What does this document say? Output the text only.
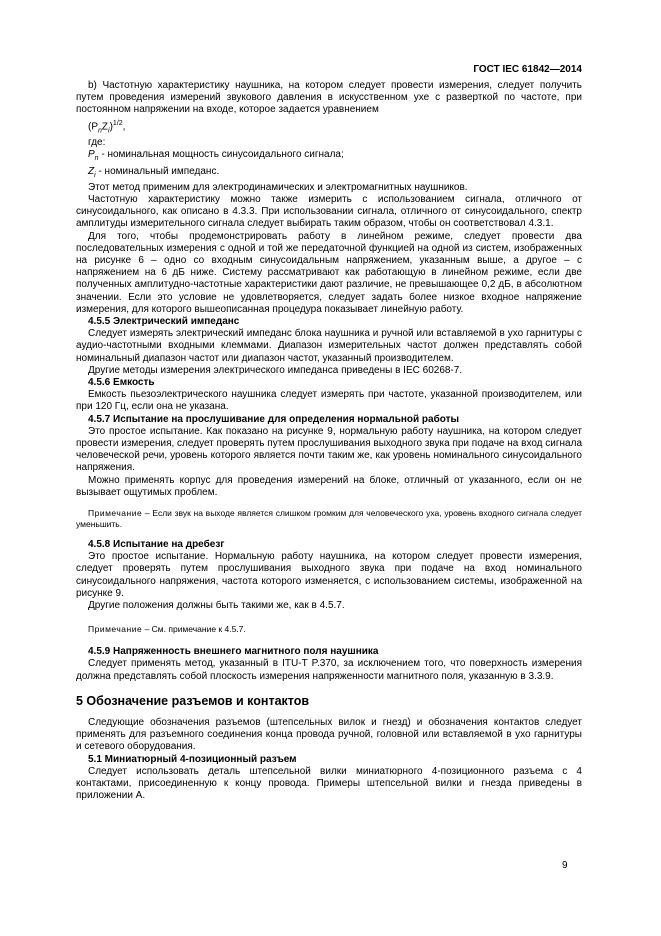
ГОСТ IEC 61842—2014

b) Частотную характеристику наушника, на котором следует провести измерения, следует получить путем проведения измерений звукового давления в искусственном ухе с разверткой по частоте, при постоянном напряжении на входе, которое задается уравнением

$(P_nZ_i)^{1/2}$,

где:

$P_n$ - номинальная мощность синусоидального сигнала;

$Z_i$ - номинальный импеданс.

Этот метод применим для электродинамических и электромагнитных наушников.

Частотную характеристику можно также измерить с использованием сигнала, отличного от синусоидального, как описано в 4.3.3. При использовании сигнала, отличного от синусоидального, спектр амплитуды измерительного сигнала следует выбирать таким образом, чтобы он соответствовал 4.3.1.

Для того, чтобы продемонстрировать работу в линейном режиме, следует провести два последовательных измерения с одной и той же передаточной функцией на одной из систем, изображенных на рисунке 6 – одно со входным синусоидальным напряжением, указанным выше, а другое – с напряжением на 6 дБ ниже. Систему рассматривают как работающую в линейном режиме, если две полученных амплитудно-частотные характеристики дают различие, не превышающее 0,2 дБ, в абсолютном значении. Если это условие не удовлетворяется, следует задать более низкое входное напряжение измерения, для которого вышеописанная процедура показывает линейную работу.

4.5.5 Электрический импеданс

Следует измерять электрический импеданс блока наушника и ручной или вставляемой в ухо гарнитуры с аудио-частотными входными клеммами. Диапазон измерительных частот должен представлять собой номинальный диапазон частот или диапазон частот, указанный производителем.

Другие методы измерения электрического импеданса приведены в IEC 60268-7.

4.5.6 Емкость

Емкость пьезоэлектрического наушника следует измерять при частоте, указанной производителем, или при 120 Гц, если она не указана.

4.5.7 Испытание на прослушивание для определения нормальной работы

Это простое испытание. Как показано на рисунке 9, нормальную работу наушника, на котором следует провести измерения, следует проверять путем прослушивания выходного звука при подаче на вход сигнала человеческой речи, уровень которого является почти таким же, как уровень номинального синусоидального напряжения.

Можно применять корпус для проведения измерений на блоке, отличный от указанного, если он не вызывает ощутимых проблем.

Примечание – Если звук на выходе является слишком громким для человеческого уха, уровень входного сигнала следует уменьшить.

4.5.8 Испытание на дребезг

Это простое испытание. Нормальную работу наушника, на котором следует провести измерения, следует проверять путем прослушивания выходного звука при подаче на вход номинального синусоидального напряжения, частота которого изменяется, с использованием системы, изображенной на рисунке 9.

Другие положения должны быть такими же, как в 4.5.7.

Примечание – См. примечание к 4.5.7.

4.5.9 Напряженность внешнего магнитного поля наушника

Следует применять метод, указанный в ITU-T P.370, за исключением того, что поверхность измерения должна представлять собой плоскость измерения напряженности магнитного поля, указанную в 3.3.9.

5 Обозначение разъемов и контактов

Следующие обозначения разъемов (штепсельных вилок и гнезд) и обозначения контактов следует применять для разъемного соединения конца провода ручной, головной или вставляемой в ухо гарнитуры и сетевого оборудования.

5.1 Миниатюрный 4-позиционный разъем

Следует использовать деталь штепсельной вилки миниатюрного 4-позиционного разъема с 4 контактами, присоединенную к концу провода. Примеры штепсельной вилки и гнезда приведены в приложении А.

9
